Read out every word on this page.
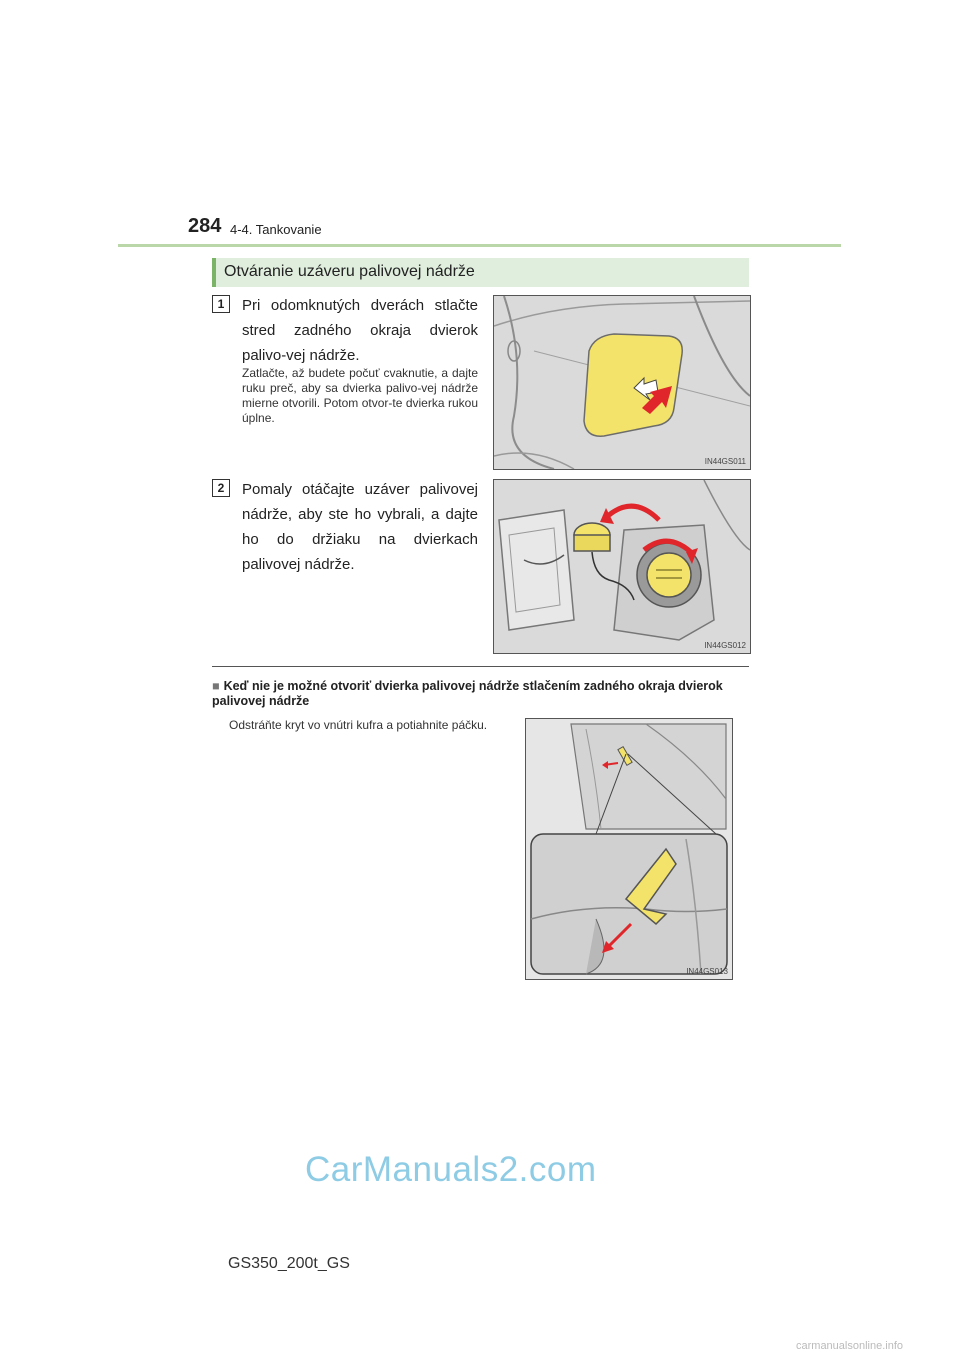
284 4-4. Tankovanie
Otváranie uzáveru palivovej nádrže
1	Pri odomknutých dverách stlačte stred zadného okraja dvierok palivo-vej nádrže.
Zatlačte, až budete počuť cvaknutie, a dajte ruku preč, aby sa dvierka palivo-vej nádrže mierne otvorili. Potom otvor-te dvierka rukou úplne.
IN44GS011
2	Pomaly otáčajte uzáver palivovej nádrže, aby ste ho vybrali, a dajte ho do držiaku na dvierkach palivovej nádrže.
IN44GS012
■ Keď nie je možné otvoriť dvierka palivovej nádrže stlačením zadného okraja dvierok palivovej nádrže
Odstráňte kryt vo vnútri kufra a potiahnite páčku.
IN44GS013
CarManuals2.com
GS350_200t_GS
carmanualsonline.info
